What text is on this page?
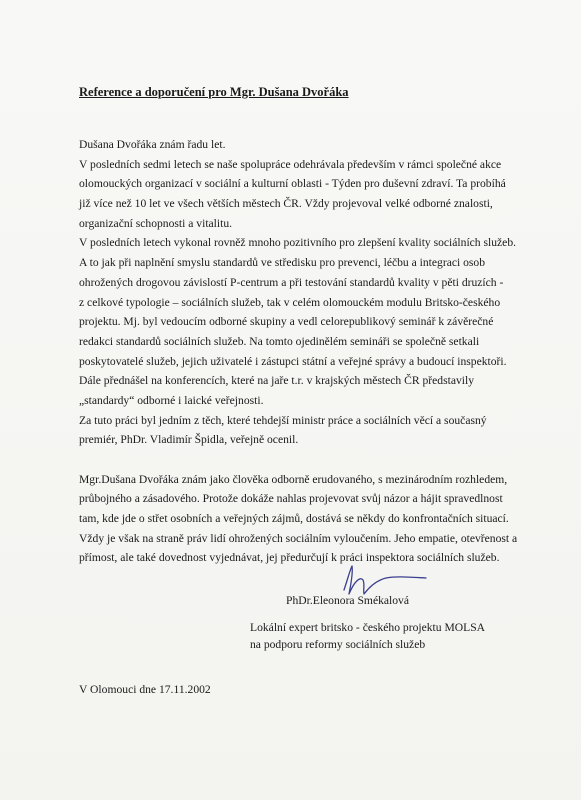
Reference a doporučení pro Mgr. Dušana Dvořáka
Dušana Dvořáka znám řadu let.
V posledních sedmi letech se naše spolupráce odehrávala především v rámci společné akce
olomouckých organizací v sociální a kulturní oblasti - Týden pro duševní zdraví. Ta probíhá
již více než 10 let ve všech větších městech ČR. Vždy projevoval velké odborné znalosti,
organizační schopnosti a vitalitu.
V posledních letech vykonal rovněž mnoho pozitivního pro zlepšení kvality sociálních služeb.
A to jak při naplnění smyslu standardů ve středisku pro prevenci, léčbu a integraci osob
ohrožených drogovou závislostí P-centrum a při testování standardů kvality v pěti druzích -
z celkové typologie – sociálních služeb, tak v celém olomouckém modulu Britsko-českého
projektu. Mj. byl vedoucím odborné skupiny a vedl celorepublikový seminář k závěrečné
redakci standardů sociálních služeb. Na tomto ojedinělém semináři se společně setkali
poskytovatelé služeb, jejich uživatelé i zástupci státní a veřejné správy a budoucí inspektoři.
Dále přednášel na konferencích, které na jaře t.r. v krajských městech ČR představily
„standardy“ odborné i laické veřejnosti.
Za tuto práci byl jedním z těch, které tehdejší ministr práce a sociálních věcí a současný
premiér, PhDr. Vladimír Špidla, veřejně ocenil.
Mgr.Dušana Dvořáka znám jako člověka odborně erudovaného, s mezinárodním rozhledem,
průbojného a zásadového. Protože dokáže nahlas projevovat svůj názor a hájit spravedlnost
tam, kde jde o střet osobních a veřejných zájmů, dostává se někdy do konfrontačních situací.
Vždy je však na straně práv lidí ohrožených sociálním vyloučením. Jeho empatie, otevřenost a
přímost, ale také dovednost vyjednávat, jej předurčují k práci inspektora sociálních služeb.
PhDr.Eleonora Smékalová
Lokální expert britsko - českého projektu MOLSA
na podporu reformy sociálních služeb
V Olomouci dne 17.11.2002
